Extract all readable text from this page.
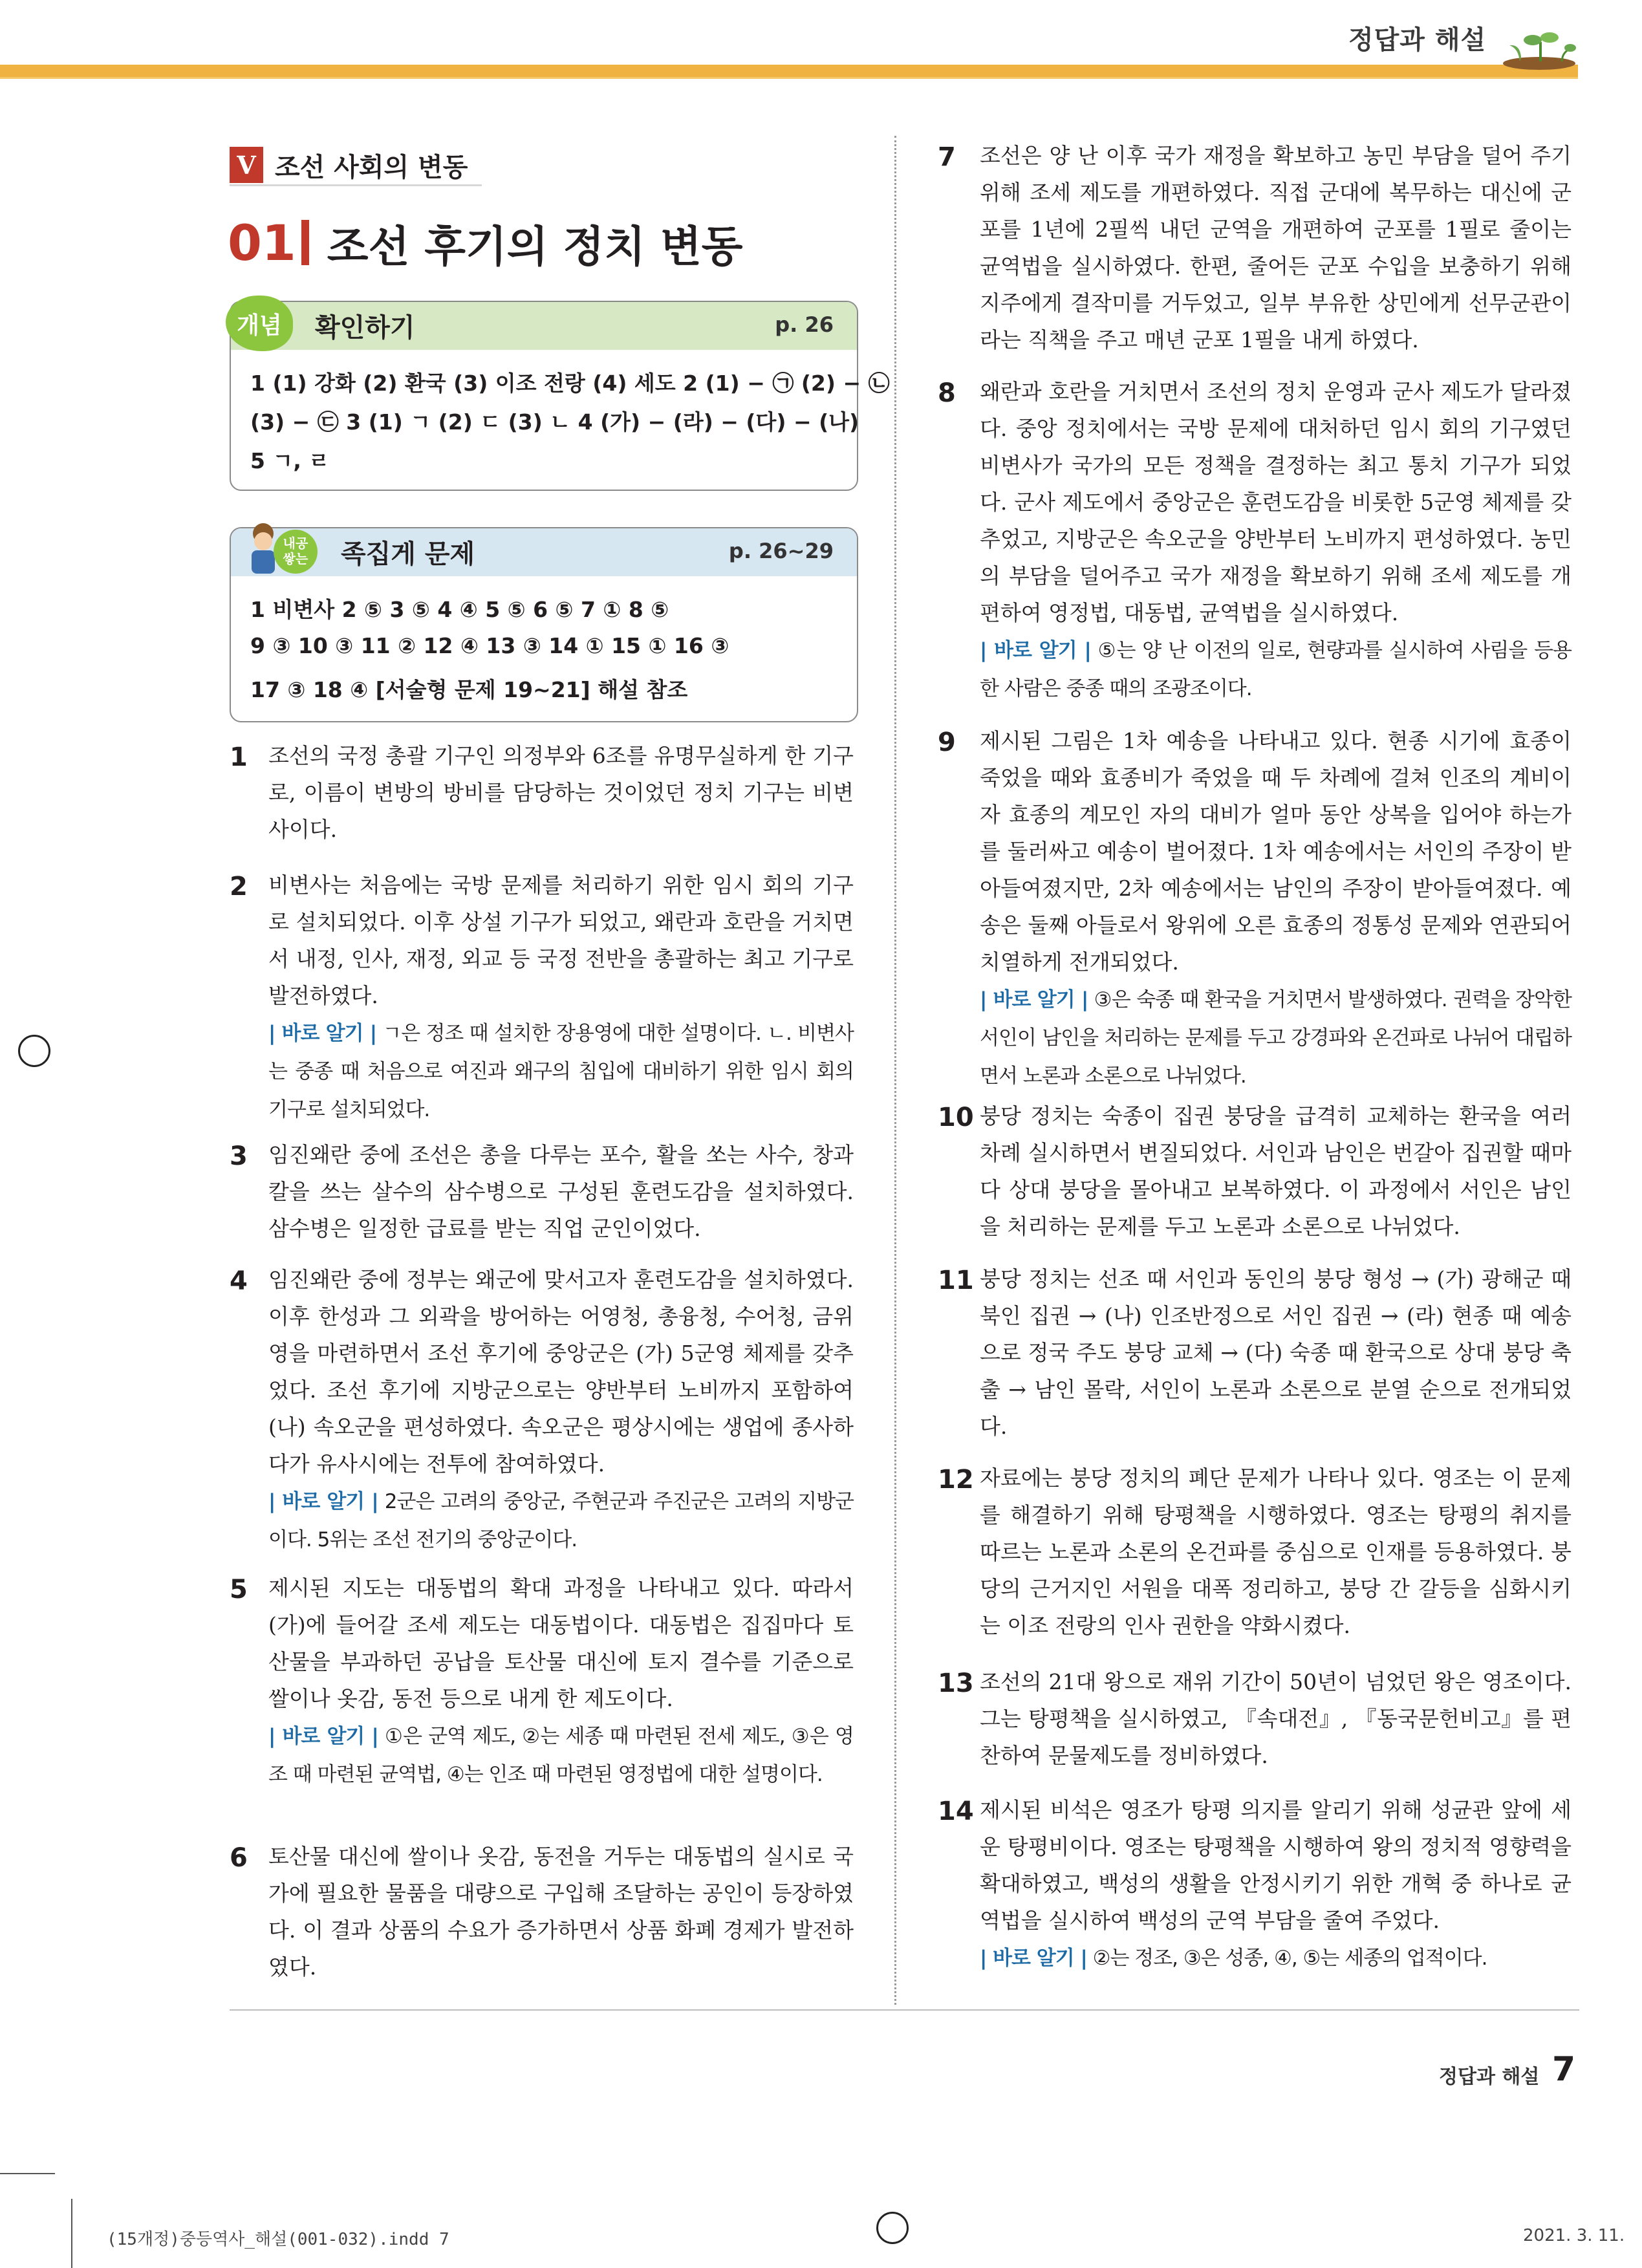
정답과 해설
V 조선 사회의 변동
01 조선 후기의 정치 변동
개념	확인하기	p. 26
1 (1) 강화 (2) 환국 (3) 이조 전랑 (4) 세도 2 (1) − ㉠ (2) − ㉡
(3) − ㉢ 3 (1) ㄱ (2) ㄷ (3) ㄴ 4 (가) − (라) − (다) − (나)
5 ㄱ, ㄹ
내공
쌓는 족집게 문제	p. 26~29
1 비변사 2 ⑤ 3 ⑤ 4 ④ 5 ⑤ 6 ⑤ 7 ① 8 ⑤
9 ③ 10 ③ 11 ② 12 ④ 13 ③ 14 ① 15 ① 16 ③
17 ③ 18 ④ [서술형 문제 19∼21] 해설 참조
1 조선의 국정 총괄 기구인 의정부와 6조를 유명무실하게 한 기구로, 이름이 변방의 방비를 담당하는 것이었던 정치 기구는 비변사이다.
2 비변사는 처음에는 국방 문제를 처리하기 위한 임시 회의 기구로 설치되었다. 이후 상설 기구가 되었고, 왜란과 호란을 거치면서 내정, 인사, 재정, 외교 등 국정 전반을 총괄하는 최고 기구로 발전하였다.
| 바로 알기 | ㄱ은 정조 때 설치한 장용영에 대한 설명이다. ㄴ. 비변사는 중종 때 처음으로 여진과 왜구의 침입에 대비하기 위한 임시 회의 기구로 설치되었다.
3 임진왜란 중에 조선은 총을 다루는 포수, 활을 쏘는 사수, 창과 칼을 쓰는 살수의 삼수병으로 구성된 훈련도감을 설치하였다. 삼수병은 일정한 급료를 받는 직업 군인이었다.
4 임진왜란 중에 정부는 왜군에 맞서고자 훈련도감을 설치하였다. 이후 한성과 그 외곽을 방어하는 어영청, 총융청, 수어청, 금위영을 마련하면서 조선 후기에 중앙군은 (가) 5군영 체제를 갖추었다. 조선 후기에 지방군으로는 양반부터 노비까지 포함하여 (나) 속오군을 편성하였다. 속오군은 평상시에는 생업에 종사하다가 유사시에는 전투에 참여하였다.
| 바로 알기 | 2군은 고려의 중앙군, 주현군과 주진군은 고려의 지방군이다. 5위는 조선 전기의 중앙군이다.
5 제시된 지도는 대동법의 확대 과정을 나타내고 있다. 따라서 (가)에 들어갈 조세 제도는 대동법이다. 대동법은 집집마다 토산물을 부과하던 공납을 토산물 대신에 토지 결수를 기준으로 쌀이나 옷감, 동전 등으로 내게 한 제도이다.
| 바로 알기 | ①은 군역 제도, ②는 세종 때 마련된 전세 제도, ③은 영조 때 마련된 균역법, ④는 인조 때 마련된 영정법에 대한 설명이다.
6 토산물 대신에 쌀이나 옷감, 동전을 거두는 대동법의 실시로 국가에 필요한 물품을 대량으로 구입해 조달하는 공인이 등장하였다. 이 결과 상품의 수요가 증가하면서 상품 화폐 경제가 발전하였다.
7 조선은 양 난 이후 국가 재정을 확보하고 농민 부담을 덜어 주기 위해 조세 제도를 개편하였다. 직접 군대에 복무하는 대신에 군포를 1년에 2필씩 내던 군역을 개편하여 군포를 1필로 줄이는 균역법을 실시하였다. 한편, 줄어든 군포 수입을 보충하기 위해 지주에게 결작미를 거두었고, 일부 부유한 상민에게 선무군관이라는 직책을 주고 매년 군포 1필을 내게 하였다.
8 왜란과 호란을 거치면서 조선의 정치 운영과 군사 제도가 달라졌다. 중앙 정치에서는 국방 문제에 대처하던 임시 회의 기구였던 비변사가 국가의 모든 정책을 결정하는 최고 통치 기구가 되었다. 군사 제도에서 중앙군은 훈련도감을 비롯한 5군영 체제를 갖추었고, 지방군은 속오군을 양반부터 노비까지 편성하였다. 농민의 부담을 덜어주고 국가 재정을 확보하기 위해 조세 제도를 개편하여 영정법, 대동법, 균역법을 실시하였다.
| 바로 알기 | ⑤는 양 난 이전의 일로, 현량과를 실시하여 사림을 등용한 사람은 중종 때의 조광조이다.
9 제시된 그림은 1차 예송을 나타내고 있다. 현종 시기에 효종이 죽었을 때와 효종비가 죽었을 때 두 차례에 걸쳐 인조의 계비이자 효종의 계모인 자의 대비가 얼마 동안 상복을 입어야 하는가를 둘러싸고 예송이 벌어졌다. 1차 예송에서는 서인의 주장이 받아들여졌지만, 2차 예송에서는 남인의 주장이 받아들여졌다. 예송은 둘째 아들로서 왕위에 오른 효종의 정통성 문제와 연관되어 치열하게 전개되었다.
| 바로 알기 | ③은 숙종 때 환국을 거치면서 발생하였다. 권력을 장악한 서인이 남인을 처리하는 문제를 두고 강경파와 온건파로 나뉘어 대립하면서 노론과 소론으로 나뉘었다.
10 붕당 정치는 숙종이 집권 붕당을 급격히 교체하는 환국을 여러 차례 실시하면서 변질되었다. 서인과 남인은 번갈아 집권할 때마다 상대 붕당을 몰아내고 보복하였다. 이 과정에서 서인은 남인을 처리하는 문제를 두고 노론과 소론으로 나뉘었다.
11 붕당 정치는 선조 때 서인과 동인의 붕당 형성 → (가) 광해군 때 북인 집권 → (나) 인조반정으로 서인 집권 → (라) 현종 때 예송으로 정국 주도 붕당 교체 → (다) 숙종 때 환국으로 상대 붕당 축출 → 남인 몰락, 서인이 노론과 소론으로 분열 순으로 전개되었다.
12 자료에는 붕당 정치의 폐단 문제가 나타나 있다. 영조는 이 문제를 해결하기 위해 탕평책을 시행하였다. 영조는 탕평의 취지를 따르는 노론과 소론의 온건파를 중심으로 인재를 등용하였다. 붕당의 근거지인 서원을 대폭 정리하고, 붕당 간 갈등을 심화시키는 이조 전랑의 인사 권한을 약화시켰다.
13 조선의 21대 왕으로 재위 기간이 50년이 넘었던 왕은 영조이다. 그는 탕평책을 실시하였고, 『속대전』, 『동국문헌비고』를 편찬하여 문물제도를 정비하였다.
14 제시된 비석은 영조가 탕평 의지를 알리기 위해 성균관 앞에 세운 탕평비이다. 영조는 탕평책을 시행하여 왕의 정치적 영향력을 확대하였고, 백성의 생활을 안정시키기 위한 개혁 중 하나로 균역법을 실시하여 백성의 군역 부담을 줄여 주었다.
| 바로 알기 | ②는 정조, ③은 성종, ④, ⑤는 세종의 업적이다.
정답과 해설 7
(15개정)중등역사_해설(001-032).indd 7	2021. 3. 11.
